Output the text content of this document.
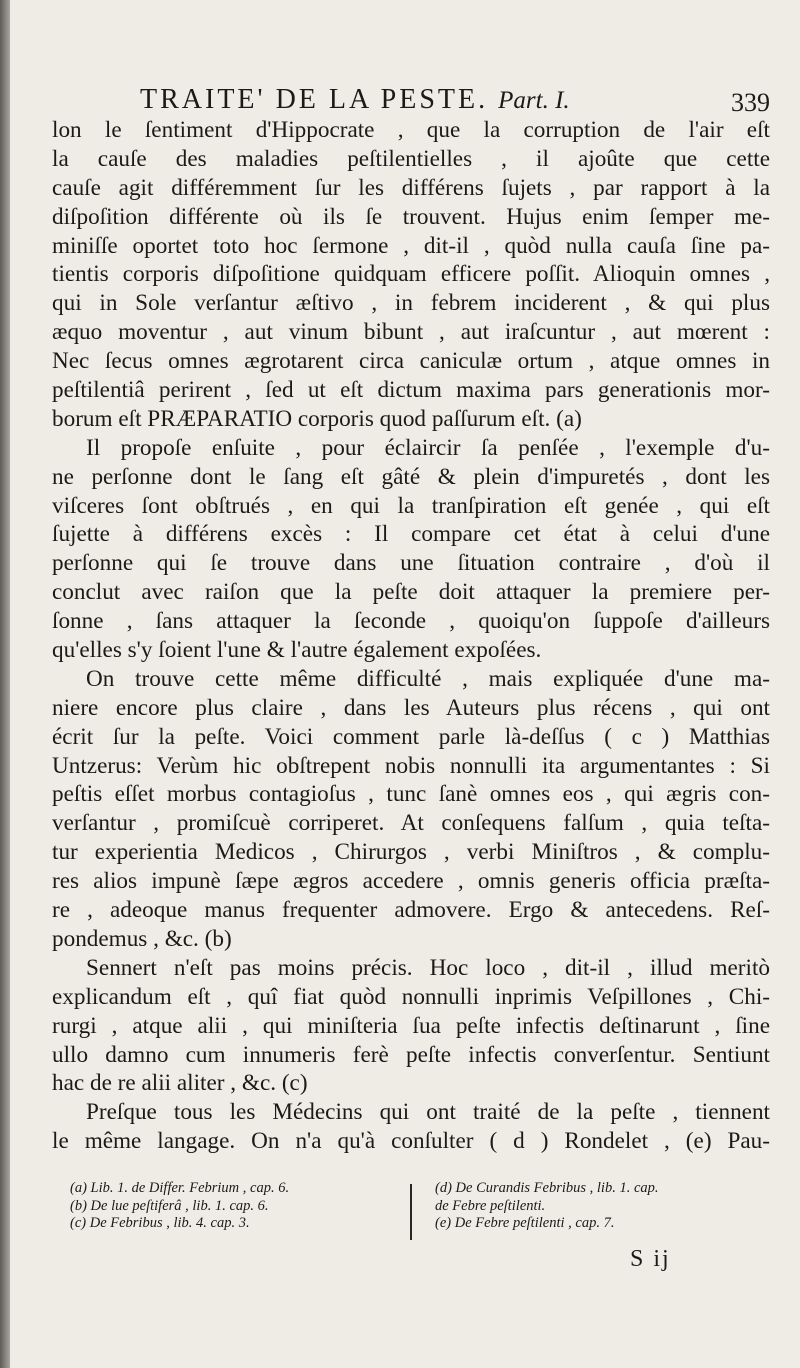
TRAITE' DE LA PESTE. Part. I.	339
lon le ſentiment d'Hippocrate , que la corruption de l'air eſt
la cauſe des maladies peſtilentielles , il ajoûte que cette
cauſe agit différemment ſur les différens ſujets , par rapport à la
diſpoſition différente où ils ſe trouvent. Hujus enim ſemper me-
miniſſe oportet toto hoc ſermone , dit-il , quòd nulla cauſa ſine pa-
tientis corporis diſpoſitione quidquam efficere poſſit. Alioquin omnes ,
qui in Sole verſantur æſtivo , in febrem inciderent , & qui plus
æquo moventur , aut vinum bibunt , aut iraſcuntur , aut mœrent :
Nec ſecus omnes ægrotarent circa caniculæ ortum , atque omnes in
peſtilentiâ perirent , ſed ut eſt dictum maxima pars generationis mor-
borum eſt PRÆPARATIO corporis quod paſſurum eſt. (a)
Il propoſe enſuite , pour éclaircir ſa penſée , l'exemple d'u-
ne perſonne dont le ſang eſt gâté & plein d'impuretés , dont les
viſceres ſont obſtrués , en qui la tranſpiration eſt genée , qui eſt
ſujette à différens excès : Il compare cet état à celui d'une
perſonne qui ſe trouve dans une ſituation contraire , d'où il
conclut avec raiſon que la peſte doit attaquer la premiere per-
ſonne , ſans attaquer la ſeconde , quoiqu'on ſuppoſe d'ailleurs
qu'elles s'y ſoient l'une & l'autre également expoſées.
On trouve cette même difficulté , mais expliquée d'une ma-
niere encore plus claire , dans les Auteurs plus récens , qui ont
écrit ſur la peſte. Voici comment parle là-deſſus ( c ) Matthias
Untzerus: Verùm hic obſtrepent nobis nonnulli ita argumentantes : Si
peſtis eſſet morbus contagioſus , tunc ſanè omnes eos , qui ægris con-
verſantur , promiſcuè corriperet. At conſequens falſum , quia teſta-
tur experientia Medicos , Chirurgos , verbi Miniſtros , & complu-
res alios impunè ſæpe ægros accedere , omnis generis officia præſta-
re , adeoque manus frequenter admovere. Ergo & antecedens. Reſ-
pondemus , &c. (b)
Sennert n'eſt pas moins précis. Hoc loco , dit-il , illud meritò
explicandum eſt , quî fiat quòd nonnulli inprimis Veſpillones , Chi-
rurgi , atque alii , qui miniſteria ſua peſte infectis deſtinarunt , ſine
ullo damno cum innumeris ferè peſte infectis converſentur. Sentiunt
hac de re alii aliter , &c. (c)
Preſque tous les Médecins qui ont traité de la peſte , tiennent
le même langage. On n'a qu'à conſulter ( d ) Rondelet , (e) Pau-
(a) Lib. 1. de Differ. Febrium , cap. 6.
(b) De lue peſtiferâ , lib. 1. cap. 6.
(c) De Febribus , lib. 4. cap. 3.
(d) De Curandis Febribus , lib. 1. cap.
de Febre peſtilenti.
(e) De Febre peſtilenti , cap. 7.
S ij
